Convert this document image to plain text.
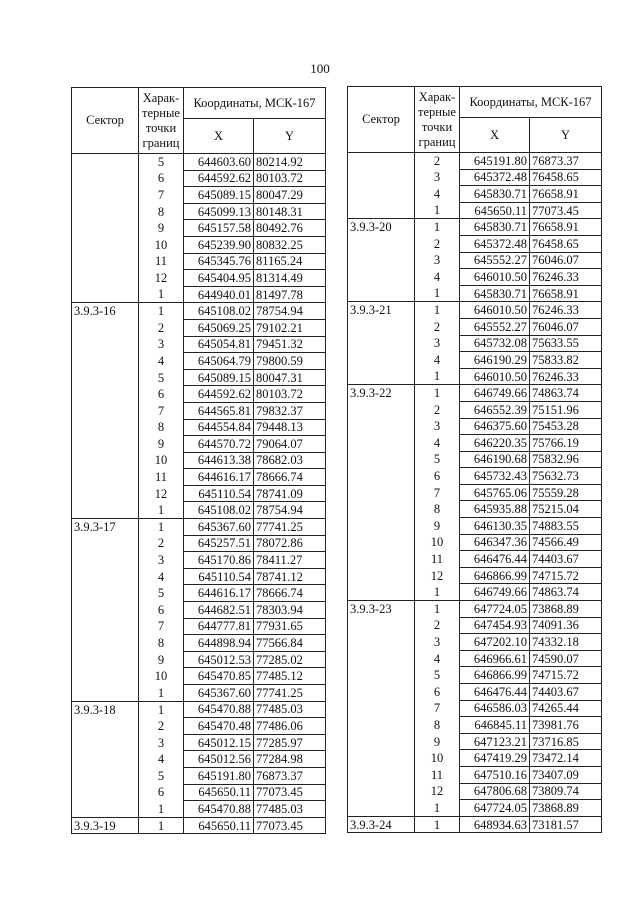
100
Сектор	Харак-терные точки границ	Координаты, МСК-167	
		X	Y
	5	644603.60	80214.92
	6	644592.62	80103.72
	7	645089.15	80047.29
	8	645099.13	80148.31
	9	645157.58	80492.76
	10	645239.90	80832.25
	11	645345.76	81165.24
	12	645404.95	81314.49
	1	644940.01	81497.78
3.9.3-16	1	645108.02	78754.94
	2	645069.25	79102.21
	3	645054.81	79451.32
	4	645064.79	79800.59
	5	645089.15	80047.31
	6	644592.62	80103.72
	7	644565.81	79832.37
	8	644554.84	79448.13
	9	644570.72	79064.07
	10	644613.38	78682.03
	11	644616.17	78666.74
	12	645110.54	78741.09
	1	645108.02	78754.94
3.9.3-17	1	645367.60	77741.25
	2	645257.51	78072.86
	3	645170.86	78411.27
	4	645110.54	78741.12
	5	644616.17	78666.74
	6	644682.51	78303.94
	7	644777.81	77931.65
	8	644898.94	77566.84
	9	645012.53	77285.02
	10	645470.85	77485.12
	1	645367.60	77741.25
3.9.3-18	1	645470.88	77485.03
	2	645470.48	77486.06
	3	645012.15	77285.97
	4	645012.56	77284.98
	5	645191.80	76873.37
	6	645650.11	77073.45
	1	645470.88	77485.03
3.9.3-19	1	645650.11	77073.45
Сектор	Харак-терные точки границ	Координаты, МСК-167	
		X	Y
	2	645191.80	76873.37
	3	645372.48	76458.65
	4	645830.71	76658.91
	1	645650.11	77073.45
3.9.3-20	1	645830.71	76658.91
	2	645372.48	76458.65
	3	645552.27	76046.07
	4	646010.50	76246.33
	1	645830.71	76658.91
3.9.3-21	1	646010.50	76246.33
	2	645552.27	76046.07
	3	645732.08	75633.55
	4	646190.29	75833.82
	1	646010.50	76246.33
3.9.3-22	1	646749.66	74863.74
	2	646552.39	75151.96
	3	646375.60	75453.28
	4	646220.35	75766.19
	5	646190.68	75832.96
	6	645732.43	75632.73
	7	645765.06	75559.28
	8	645935.88	75215.04
	9	646130.35	74883.55
	10	646347.36	74566.49
	11	646476.44	74403.67
	12	646866.99	74715.72
	1	646749.66	74863.74
3.9.3-23	1	647724.05	73868.89
	2	647454.93	74091.36
	3	647202.10	74332.18
	4	646966.61	74590.07
	5	646866.99	74715.72
	6	646476.44	74403.67
	7	646586.03	74265.44
	8	646845.11	73981.76
	9	647123.21	73716.85
	10	647419.29	73472.14
	11	647510.16	73407.09
	12	647806.68	73809.74
	1	647724.05	73868.89
3.9.3-24	1	648934.63	73181.57
